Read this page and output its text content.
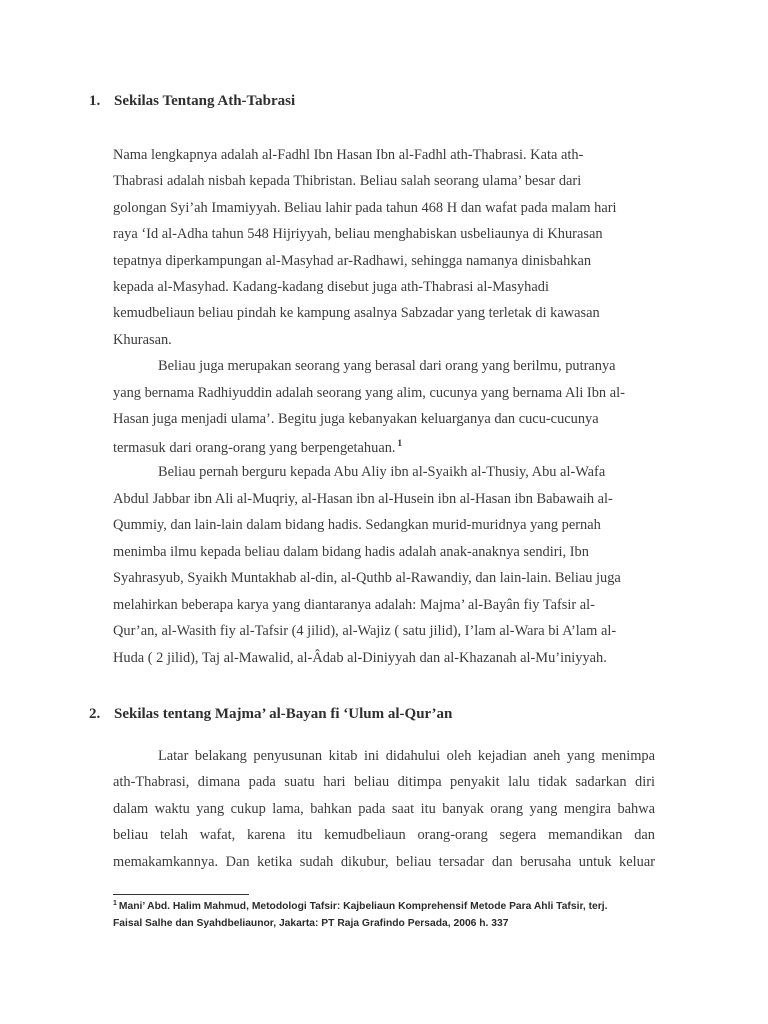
1. Sekilas Tentang Ath-Tabrasi
Nama lengkapnya adalah al-Fadhl Ibn Hasan Ibn al-Fadhl ath-Thabrasi. Kata ath-
Thabrasi adalah nisbah kepada Thibristan. Beliau salah seorang ulama’ besar dari
golongan Syi’ah Imamiyyah. Beliau lahir pada tahun 468 H dan wafat pada malam hari
raya ‘Id al-Adha tahun 548 Hijriyyah, beliau menghabiskan usbeliaunya di Khurasan
tepatnya diperkampungan al-Masyhad ar-Radhawi, sehingga namanya dinisbahkan
kepada al-Masyhad. Kadang-kadang disebut juga ath-Thabrasi al-Masyhadi
kemudbeliaun beliau pindah ke kampung asalnya Sabzadar yang terletak di kawasan
Khurasan.
Beliau juga merupakan seorang yang berasal dari orang yang berilmu, putranya
yang bernama Radhiyuddin adalah seorang yang alim, cucunya yang bernama Ali Ibn al-
Hasan juga menjadi ulama’. Begitu juga kebanyakan keluarganya dan cucu-cucunya
termasuk dari orang-orang yang berpengetahuan. $^1$
Beliau pernah berguru kepada Abu Aliy ibn al-Syaikh al-Thusiy, Abu al-Wafa
Abdul Jabbar ibn Ali al-Muqriy, al-Hasan ibn al-Husein ibn al-Hasan ibn Babawaih al-
Qummiy, dan lain-lain dalam bidang hadis. Sedangkan murid-muridnya yang pernah
menimba ilmu kepada beliau dalam bidang hadis adalah anak-anaknya sendiri, Ibn
Syahrasyub, Syaikh Muntakhab al-din, al-Quthb al-Rawandiy, dan lain-lain. Beliau juga
melahirkan beberapa karya yang diantaranya adalah: Majma’ al-Bayân fiy Tafsir al-
Qur’an, al-Wasith fiy al-Tafsir (4 jilid), al-Wajiz ( satu jilid), I’lam al-Wara bi A’lam al-
Huda ( 2 jilid), Taj al-Mawalid, al-Âdab al-Diniyyah dan al-Khazanah al-Mu’iniyyah.
2. Sekilas tentang Majma’ al-Bayan fi ‘Ulum al-Qur’an
Latar belakang penyusunan kitab ini didahului oleh kejadian aneh yang menimpa
ath-Thabrasi, dimana pada suatu hari beliau ditimpa penyakit lalu tidak sadarkan diri
dalam waktu yang cukup lama, bahkan pada saat itu banyak orang yang mengira bahwa
beliau telah wafat, karena itu kemudbeliaun orang-orang segera memandikan dan
memakamkannya. Dan ketika sudah dikubur, beliau tersadar dan berusaha untuk keluar
$^1$ Mani’ Abd. Halim Mahmud, Metodologi Tafsir: Kajbeliaun Komprehensif Metode Para Ahli Tafsir, terj.
Faisal Salhe dan Syahdbeliaunor, Jakarta: PT Raja Grafindo Persada, 2006 h. 337
